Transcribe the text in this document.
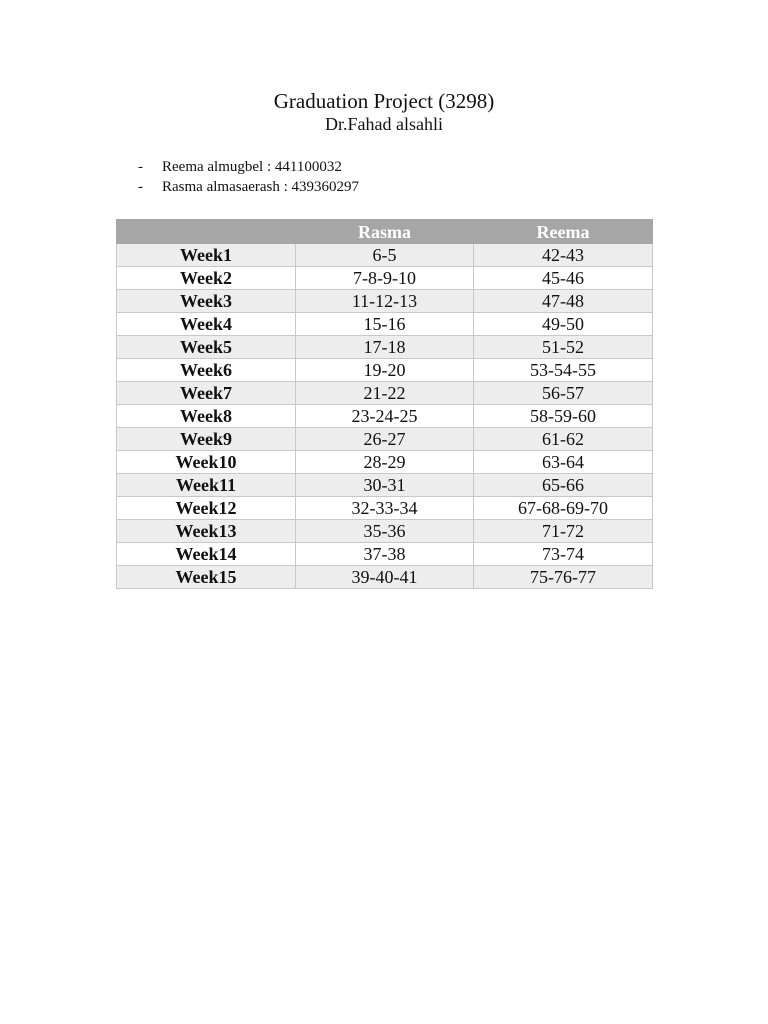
Graduation Project (3298)
Dr.Fahad alsahli
- Reema almugbel : 441100032
- Rasma almasaerash : 439360297
	Rasma	Reema
Week1	6-5	42-43
Week2	7-8-9-10	45-46
Week3	11-12-13	47-48
Week4	15-16	49-50
Week5	17-18	51-52
Week6	19-20	53-54-55
Week7	21-22	56-57
Week8	23-24-25	58-59-60
Week9	26-27	61-62
Week10	28-29	63-64
Week11	30-31	65-66
Week12	32-33-34	67-68-69-70
Week13	35-36	71-72
Week14	37-38	73-74
Week15	39-40-41	75-76-77
